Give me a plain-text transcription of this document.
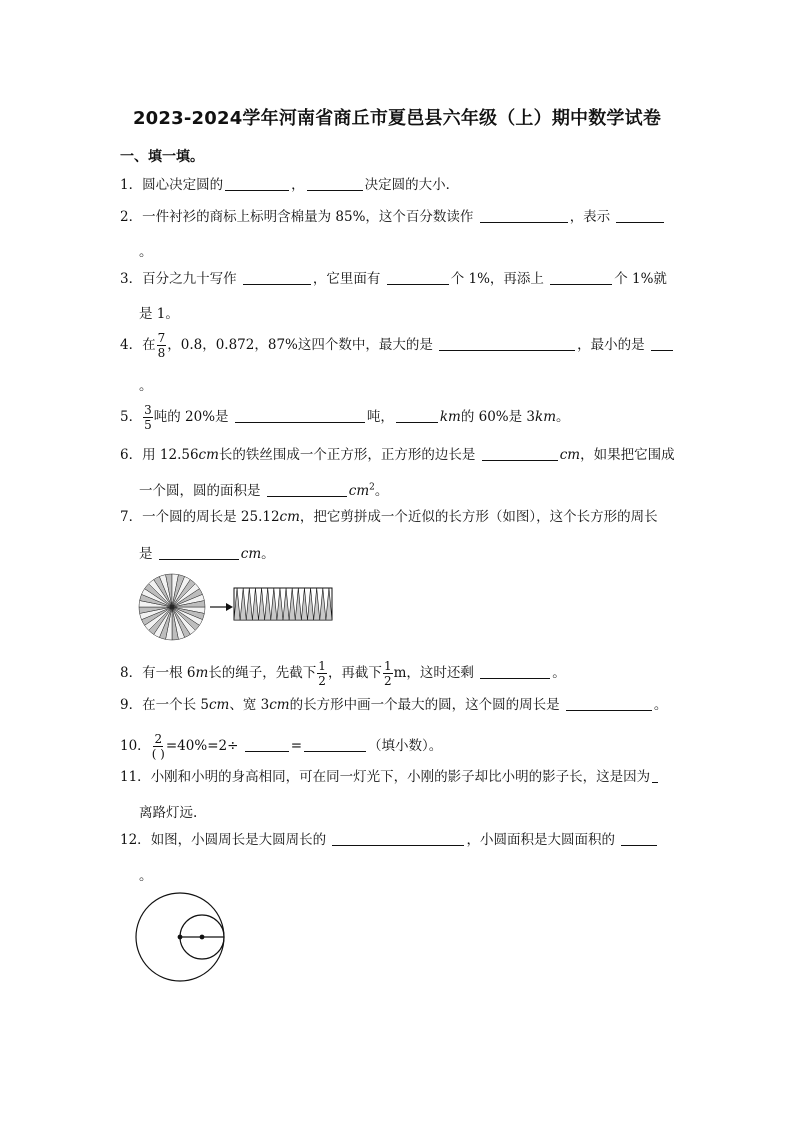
2023-2024学年河南省商丘市夏邑县六年级（上）期中数学试卷
一、填一填。
1．圆心决定圆的	，	决定圆的大小．
2．一件衬衫的商标上标明含棉量为 85%，这个百分数读作	，表示
。
3．百分之九十写作	，它里面有	个 1%，再添上	个 1%就
是 1。
4．在 $\frac{7}{8}$ ，0.8，0.872，87%这四个数中，最大的是	，最小的是
。
5． $\frac{3}{5}$ 吨的 20%是	吨，	km的 60%是 3km。
6．用 12.56cm长的铁丝围成一个正方形，正方形的边长是	cm，如果把它围成
一个圆，圆的面积是	$cm^2$。
7．一个圆的周长是 25.12cm，把它剪拼成一个近似的长方形（如图），这个长方形的周长
是	cm。
8．有一根 6m长的绳子，先截下 $\frac{1}{2}$ ，再截下 $\frac{1}{2}$ m，这时还剩	。
9．在一个长 5cm、宽 3cm的长方形中画一个最大的圆，这个圆的周长是	。
10． $\frac{2}{( )} =40\%=2\div$	=	（填小数）。
11．小刚和小明的身高相同，可在同一灯光下，小刚的影子却比小明的影子长，这是因为
离路灯远.
12．如图，小圆周长是大圆周长的	，小圆面积是大圆面积的
。
